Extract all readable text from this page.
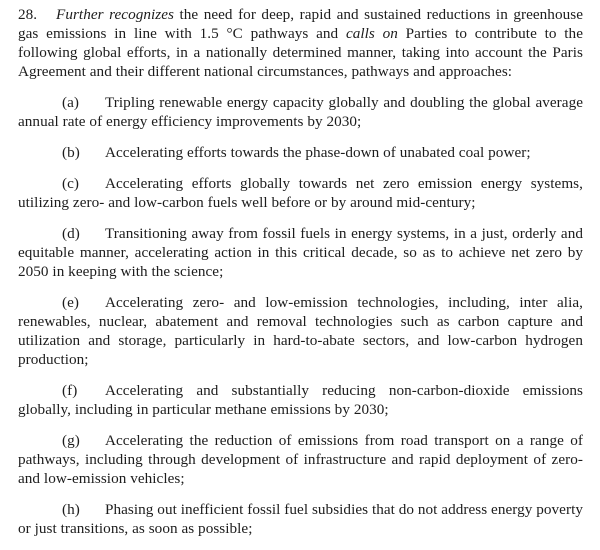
28. Further recognizes the need for deep, rapid and sustained reductions in greenhouse gas emissions in line with 1.5 °C pathways and calls on Parties to contribute to the following global efforts, in a nationally determined manner, taking into account the Paris Agreement and their different national circumstances, pathways and approaches:

(a) Tripling renewable energy capacity globally and doubling the global average annual rate of energy efficiency improvements by 2030;

(b) Accelerating efforts towards the phase-down of unabated coal power;

(c) Accelerating efforts globally towards net zero emission energy systems, utilizing zero- and low-carbon fuels well before or by around mid-century;

(d) Transitioning away from fossil fuels in energy systems, in a just, orderly and equitable manner, accelerating action in this critical decade, so as to achieve net zero by 2050 in keeping with the science;

(e) Accelerating zero- and low-emission technologies, including, inter alia, renewables, nuclear, abatement and removal technologies such as carbon capture and utilization and storage, particularly in hard-to-abate sectors, and low-carbon hydrogen production;

(f) Accelerating and substantially reducing non-carbon-dioxide emissions globally, including in particular methane emissions by 2030;

(g) Accelerating the reduction of emissions from road transport on a range of pathways, including through development of infrastructure and rapid deployment of zero- and low-emission vehicles;

(h) Phasing out inefficient fossil fuel subsidies that do not address energy poverty or just transitions, as soon as possible;
